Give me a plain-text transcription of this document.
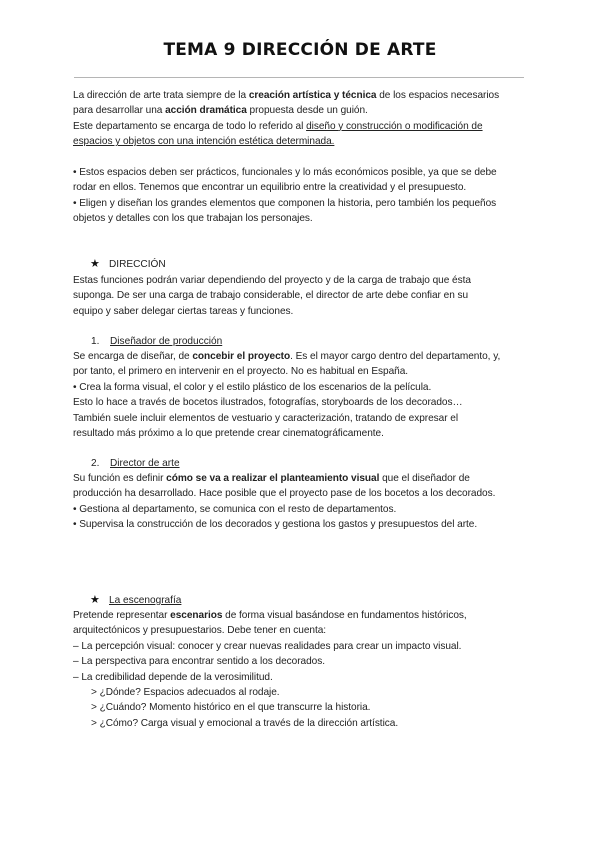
TEMA 9 DIRECCIÓN DE ARTE

La dirección de arte trata siempre de la creación artística y técnica de los espacios necesarios

para desarrollar una acción dramática propuesta desde un guión.

Este departamento se encarga de todo lo referido al diseño y construcción o modificación de

espacios y objetos con una intención estética determinada.

• Estos espacios deben ser prácticos, funcionales y lo más económicos posible, ya que se debe

rodar en ellos. Tenemos que encontrar un equilibrio entre la creatividad y el presupuesto.

• Eligen y diseñan los grandes elementos que componen la historia, pero también los pequeños

objetos y detalles con los que trabajan los personajes.

★ DIRECCIÓN

Estas funciones podrán variar dependiendo del proyecto y de la carga de trabajo que ésta

suponga. De ser una carga de trabajo considerable, el director de arte debe confiar en su

equipo y saber delegar ciertas tareas y funciones.

1. Diseñador de producción

Se encarga de diseñar, de concebir el proyecto. Es el mayor cargo dentro del departamento, y,

por tanto, el primero en intervenir en el proyecto. No es habitual en España.

• Crea la forma visual, el color y el estilo plástico de los escenarios de la película.

Esto lo hace a través de bocetos ilustrados, fotografías, storyboards de los decorados…

También suele incluir elementos de vestuario y caracterización, tratando de expresar el

resultado más próximo a lo que pretende crear cinematográficamente.

2. Director de arte

Su función es definir cómo se va a realizar el planteamiento visual que el diseñador de

producción ha desarrollado. Hace posible que el proyecto pase de los bocetos a los decorados.

• Gestiona al departamento, se comunica con el resto de departamentos.

• Supervisa la construcción de los decorados y gestiona los gastos y presupuestos del arte.

★ La escenografía

Pretende representar escenarios de forma visual basándose en fundamentos históricos,

arquitectónicos y presupuestarios. Debe tener en cuenta:

– La percepción visual: conocer y crear nuevas realidades para crear un impacto visual.

– La perspectiva para encontrar sentido a los decorados.

– La credibilidad depende de la verosimilitud.

> ¿Dónde? Espacios adecuados al rodaje.

> ¿Cuándo? Momento histórico en el que transcurre la historia.

> ¿Cómo? Carga visual y emocional a través de la dirección artística.
